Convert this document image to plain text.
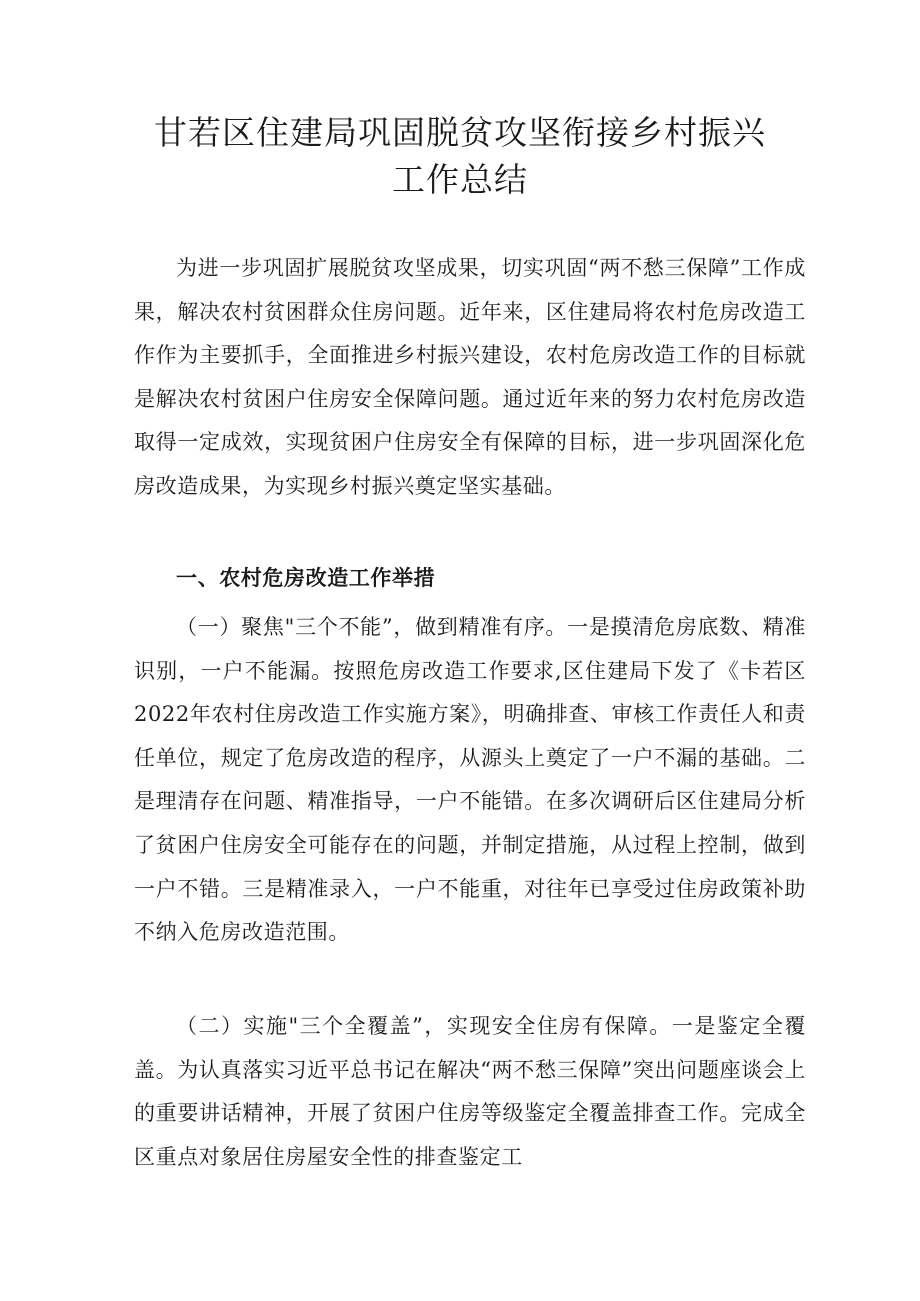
甘若区住建局巩固脱贫攻坚衔接乡村振兴
工作总结

为进一步巩固扩展脱贫攻坚成果，切实巩固“两不愁三保障”工作成果，解决农村贫困群众住房问题。近年来，区住建局将农村危房改造工作作为主要抓手，全面推进乡村振兴建设，农村危房改造工作的目标就是解决农村贫困户住房安全保障问题。通过近年来的努力农村危房改造取得一定成效，实现贫困户住房安全有保障的目标，进一步巩固深化危房改造成果，为实现乡村振兴奠定坚实基础。

一、农村危房改造工作举措

（一）聚焦"三个不能”，做到精准有序。一是摸清危房底数、精准识别，一户不能漏。按照危房改造工作要求,区住建局下发了《卡若区2022年农村住房改造工作实施方案》，明确排查、审核工作责任人和责任单位，规定了危房改造的程序，从源头上奠定了一户不漏的基础。二是理清存在问题、精准指导，一户不能错。在多次调研后区住建局分析了贫困户住房安全可能存在的问题，并制定措施，从过程上控制，做到一户不错。三是精准录入，一户不能重，对往年已享受过住房政策补助不纳入危房改造范围。

（二）实施"三个全覆盖”，实现安全住房有保障。一是鉴定全覆盖。为认真落实习近平总书记在解决“两不愁三保障”突出问题座谈会上的重要讲话精神，开展了贫困户住房等级鉴定全覆盖排查工作。完成全区重点对象居住房屋安全性的排查鉴定工
